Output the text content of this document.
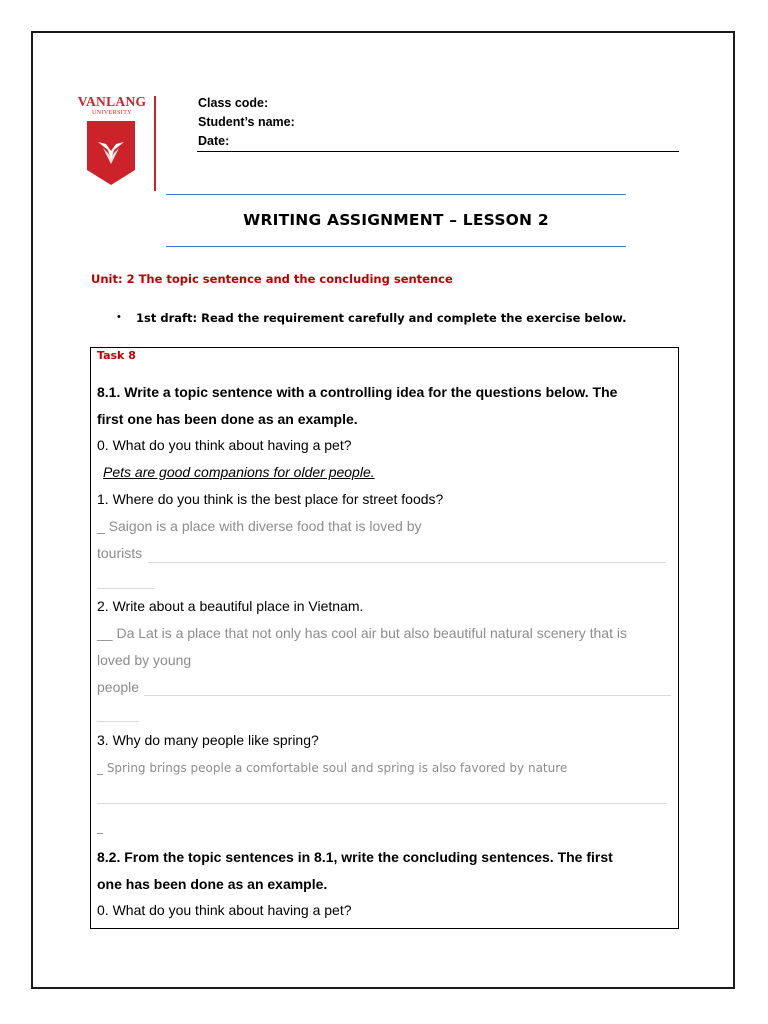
VANLANG
UNIVERSITY
Class code:
Student’s name:
Date:
WRITING ASSIGNMENT – LESSON 2
Unit: 2 The topic sentence and the concluding sentence
• 1st draft: Read the requirement carefully and complete the exercise below.
Task 8
8.1. Write a topic sentence with a controlling idea for the questions below. The
first one has been done as an example.
0. What do you think about having a pet?
Pets are good companions for older people.
1. Where do you think is the best place for street foods?
_ Saigon is a place with diverse food that is loved by
tourists
2. Write about a beautiful place in Vietnam.
__ Da Lat is a place that not only has cool air but also beautiful natural scenery that is
loved by young
people
3. Why do many people like spring?
_ Spring brings people a comfortable soul and spring is also favored by nature
_
8.2. From the topic sentences in 8.1, write the concluding sentences. The first
one has been done as an example.
0. What do you think about having a pet?
